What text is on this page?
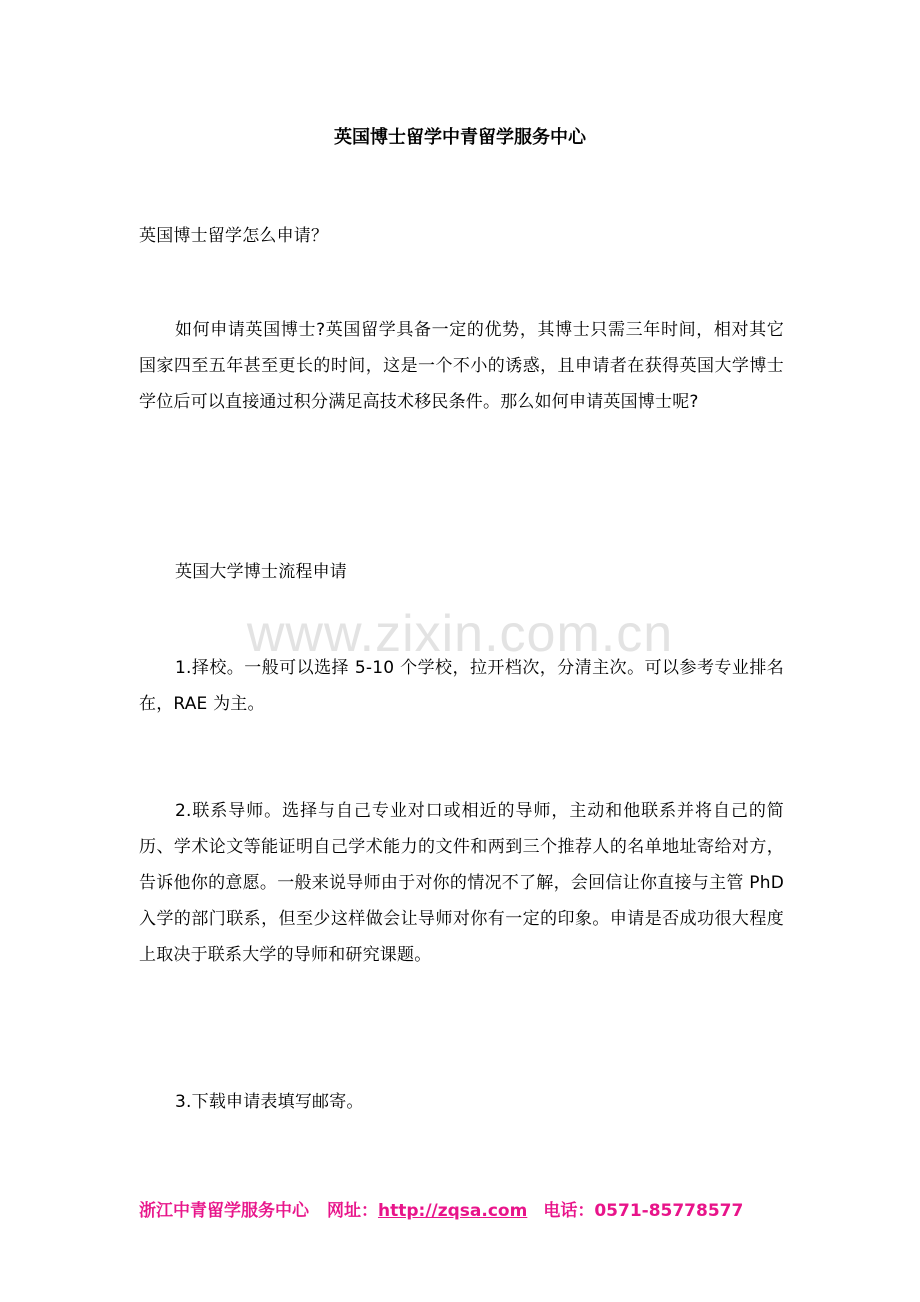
www.zixin.com.cn
英国博士留学中青留学服务中心

英国博士留学怎么申请？

如何申请英国博士?英国留学具备一定的优势，其博士只需三年时间，相对其它国家四至五年甚至更长的时间，这是一个不小的诱惑，且申请者在获得英国大学博士学位后可以直接通过积分满足高技术移民条件。那么如何申请英国博士呢?

英国大学博士流程申请

1.择校。一般可以选择 5-10 个学校，拉开档次，分清主次。可以参考专业排名在，RAE 为主。

2.联系导师。选择与自己专业对口或相近的导师，主动和他联系并将自己的简历、学术论文等能证明自己学术能力的文件和两到三个推荐人的名单地址寄给对方，告诉他你的意愿。一般来说导师由于对你的情况不了解，会回信让你直接与主管 PhD 入学的部门联系，但至少这样做会让导师对你有一定的印象。申请是否成功很大程度上取决于联系大学的导师和研究课题。

3.下载申请表填写邮寄。

浙江中青留学服务中心 网址：http://zqsa.com 电话：0571-85778577
